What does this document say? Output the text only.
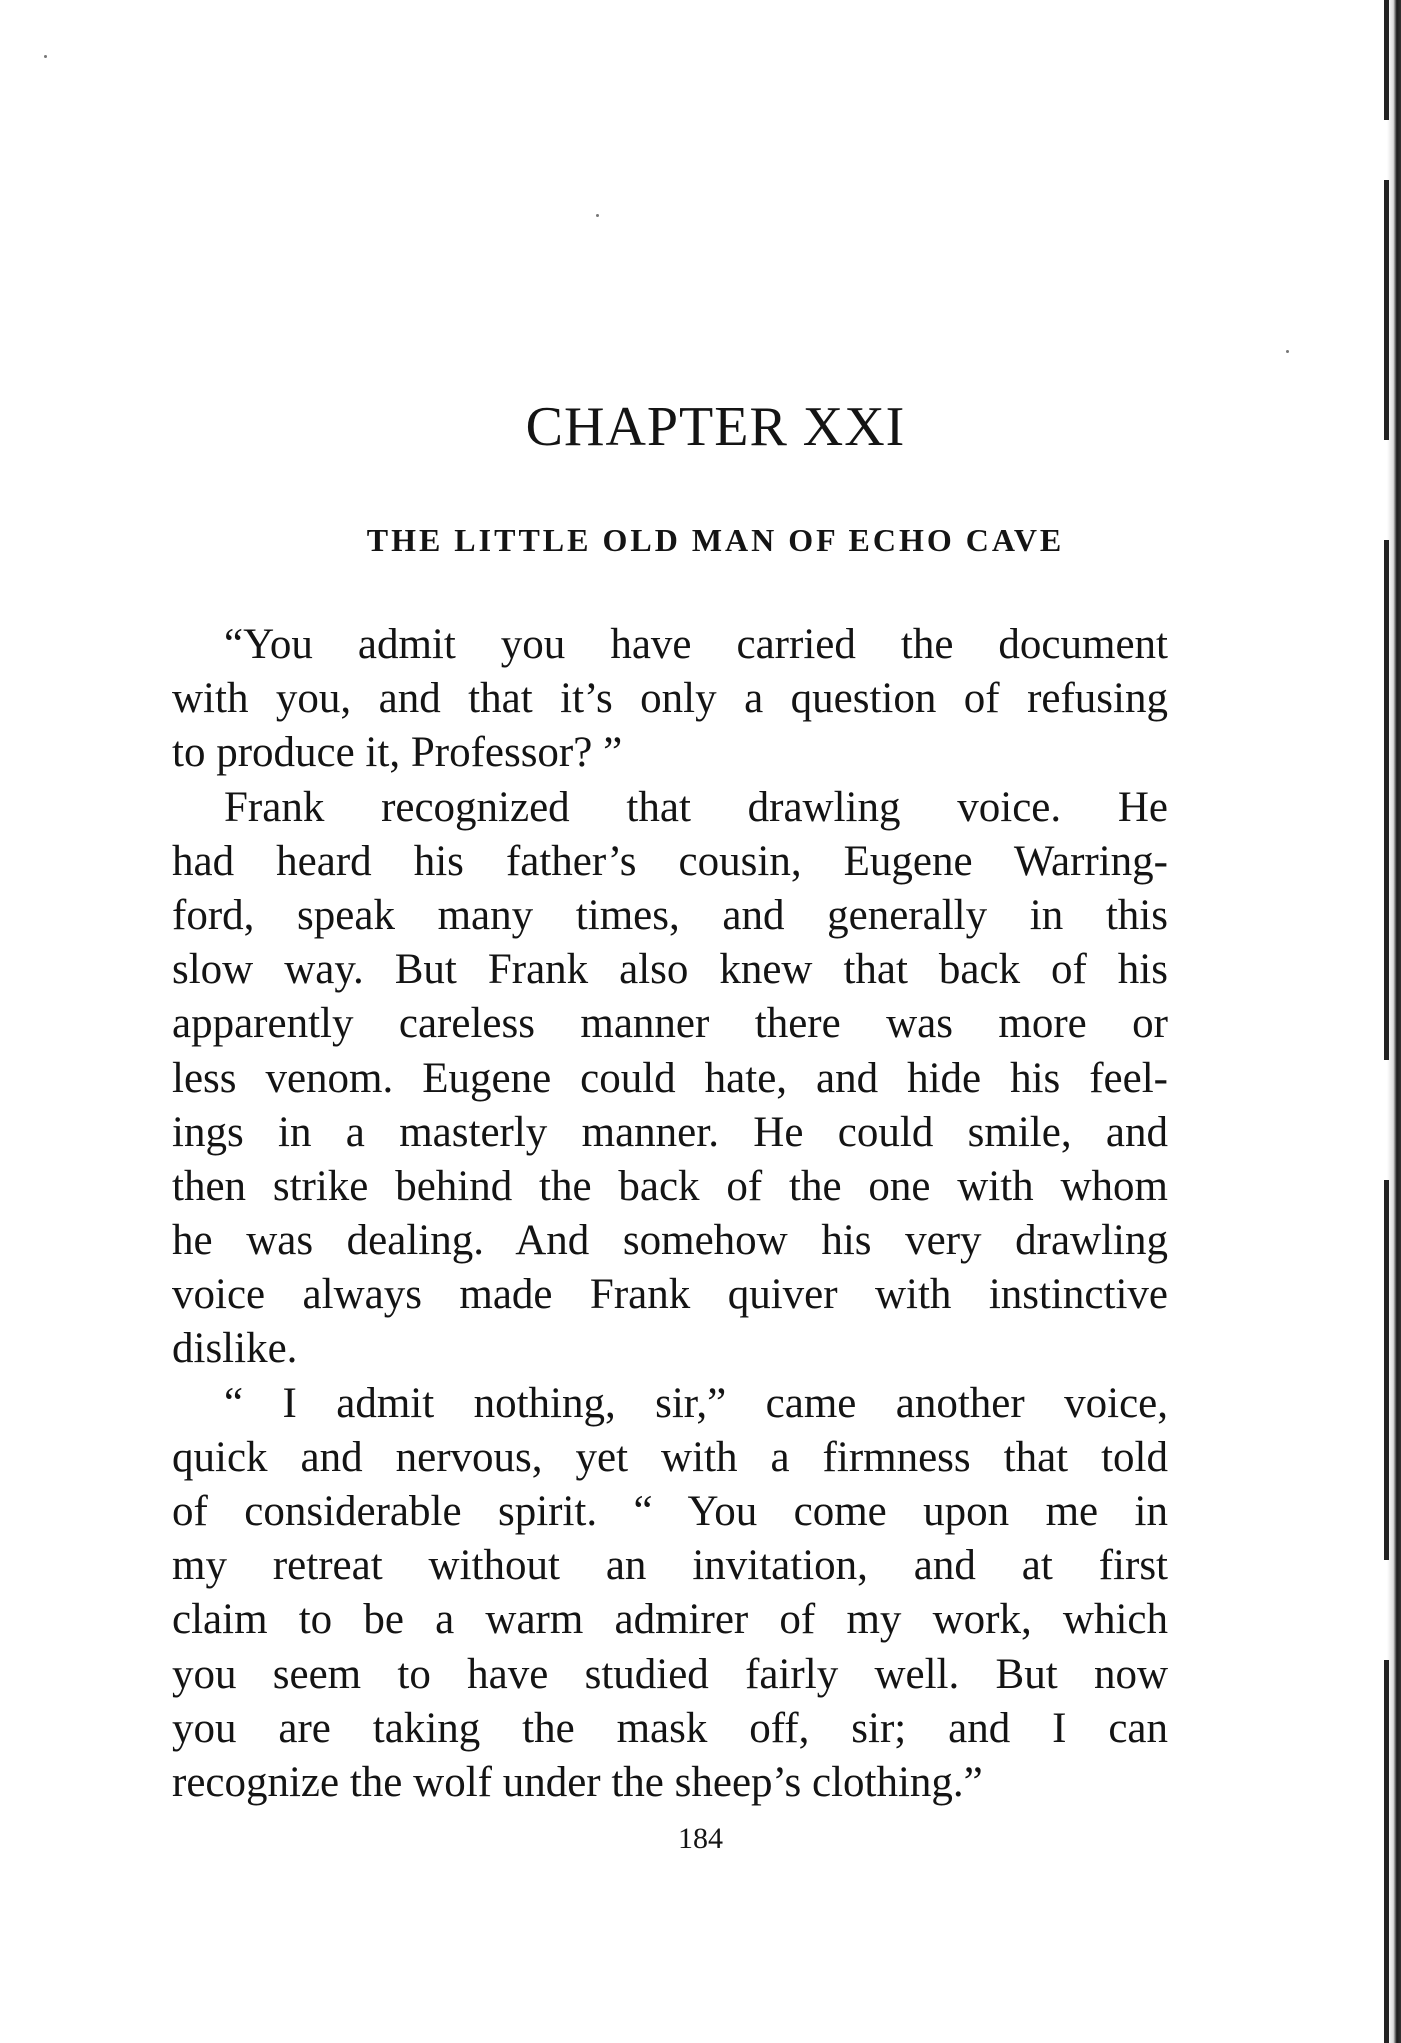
CHAPTER XXI
THE LITTLE OLD MAN OF ECHO CAVE
“You admit you have carried the document
with you, and that it’s only a question of refusing
to produce it, Professor? ”
Frank recognized that drawling voice. He
had heard his father’s cousin, Eugene Warring-
ford, speak many times, and generally in this
slow way. But Frank also knew that back of his
apparently careless manner there was more or
less venom. Eugene could hate, and hide his feel-
ings in a masterly manner. He could smile, and
then strike behind the back of the one with whom
he was dealing. And somehow his very drawling
voice always made Frank quiver with instinctive
dislike.
“ I admit nothing, sir,” came another voice,
quick and nervous, yet with a firmness that told
of considerable spirit. “ You come upon me in
my retreat without an invitation, and at first
claim to be a warm admirer of my work, which
you seem to have studied fairly well. But now
you are taking the mask off, sir; and I can
recognize the wolf under the sheep’s clothing.”
184
